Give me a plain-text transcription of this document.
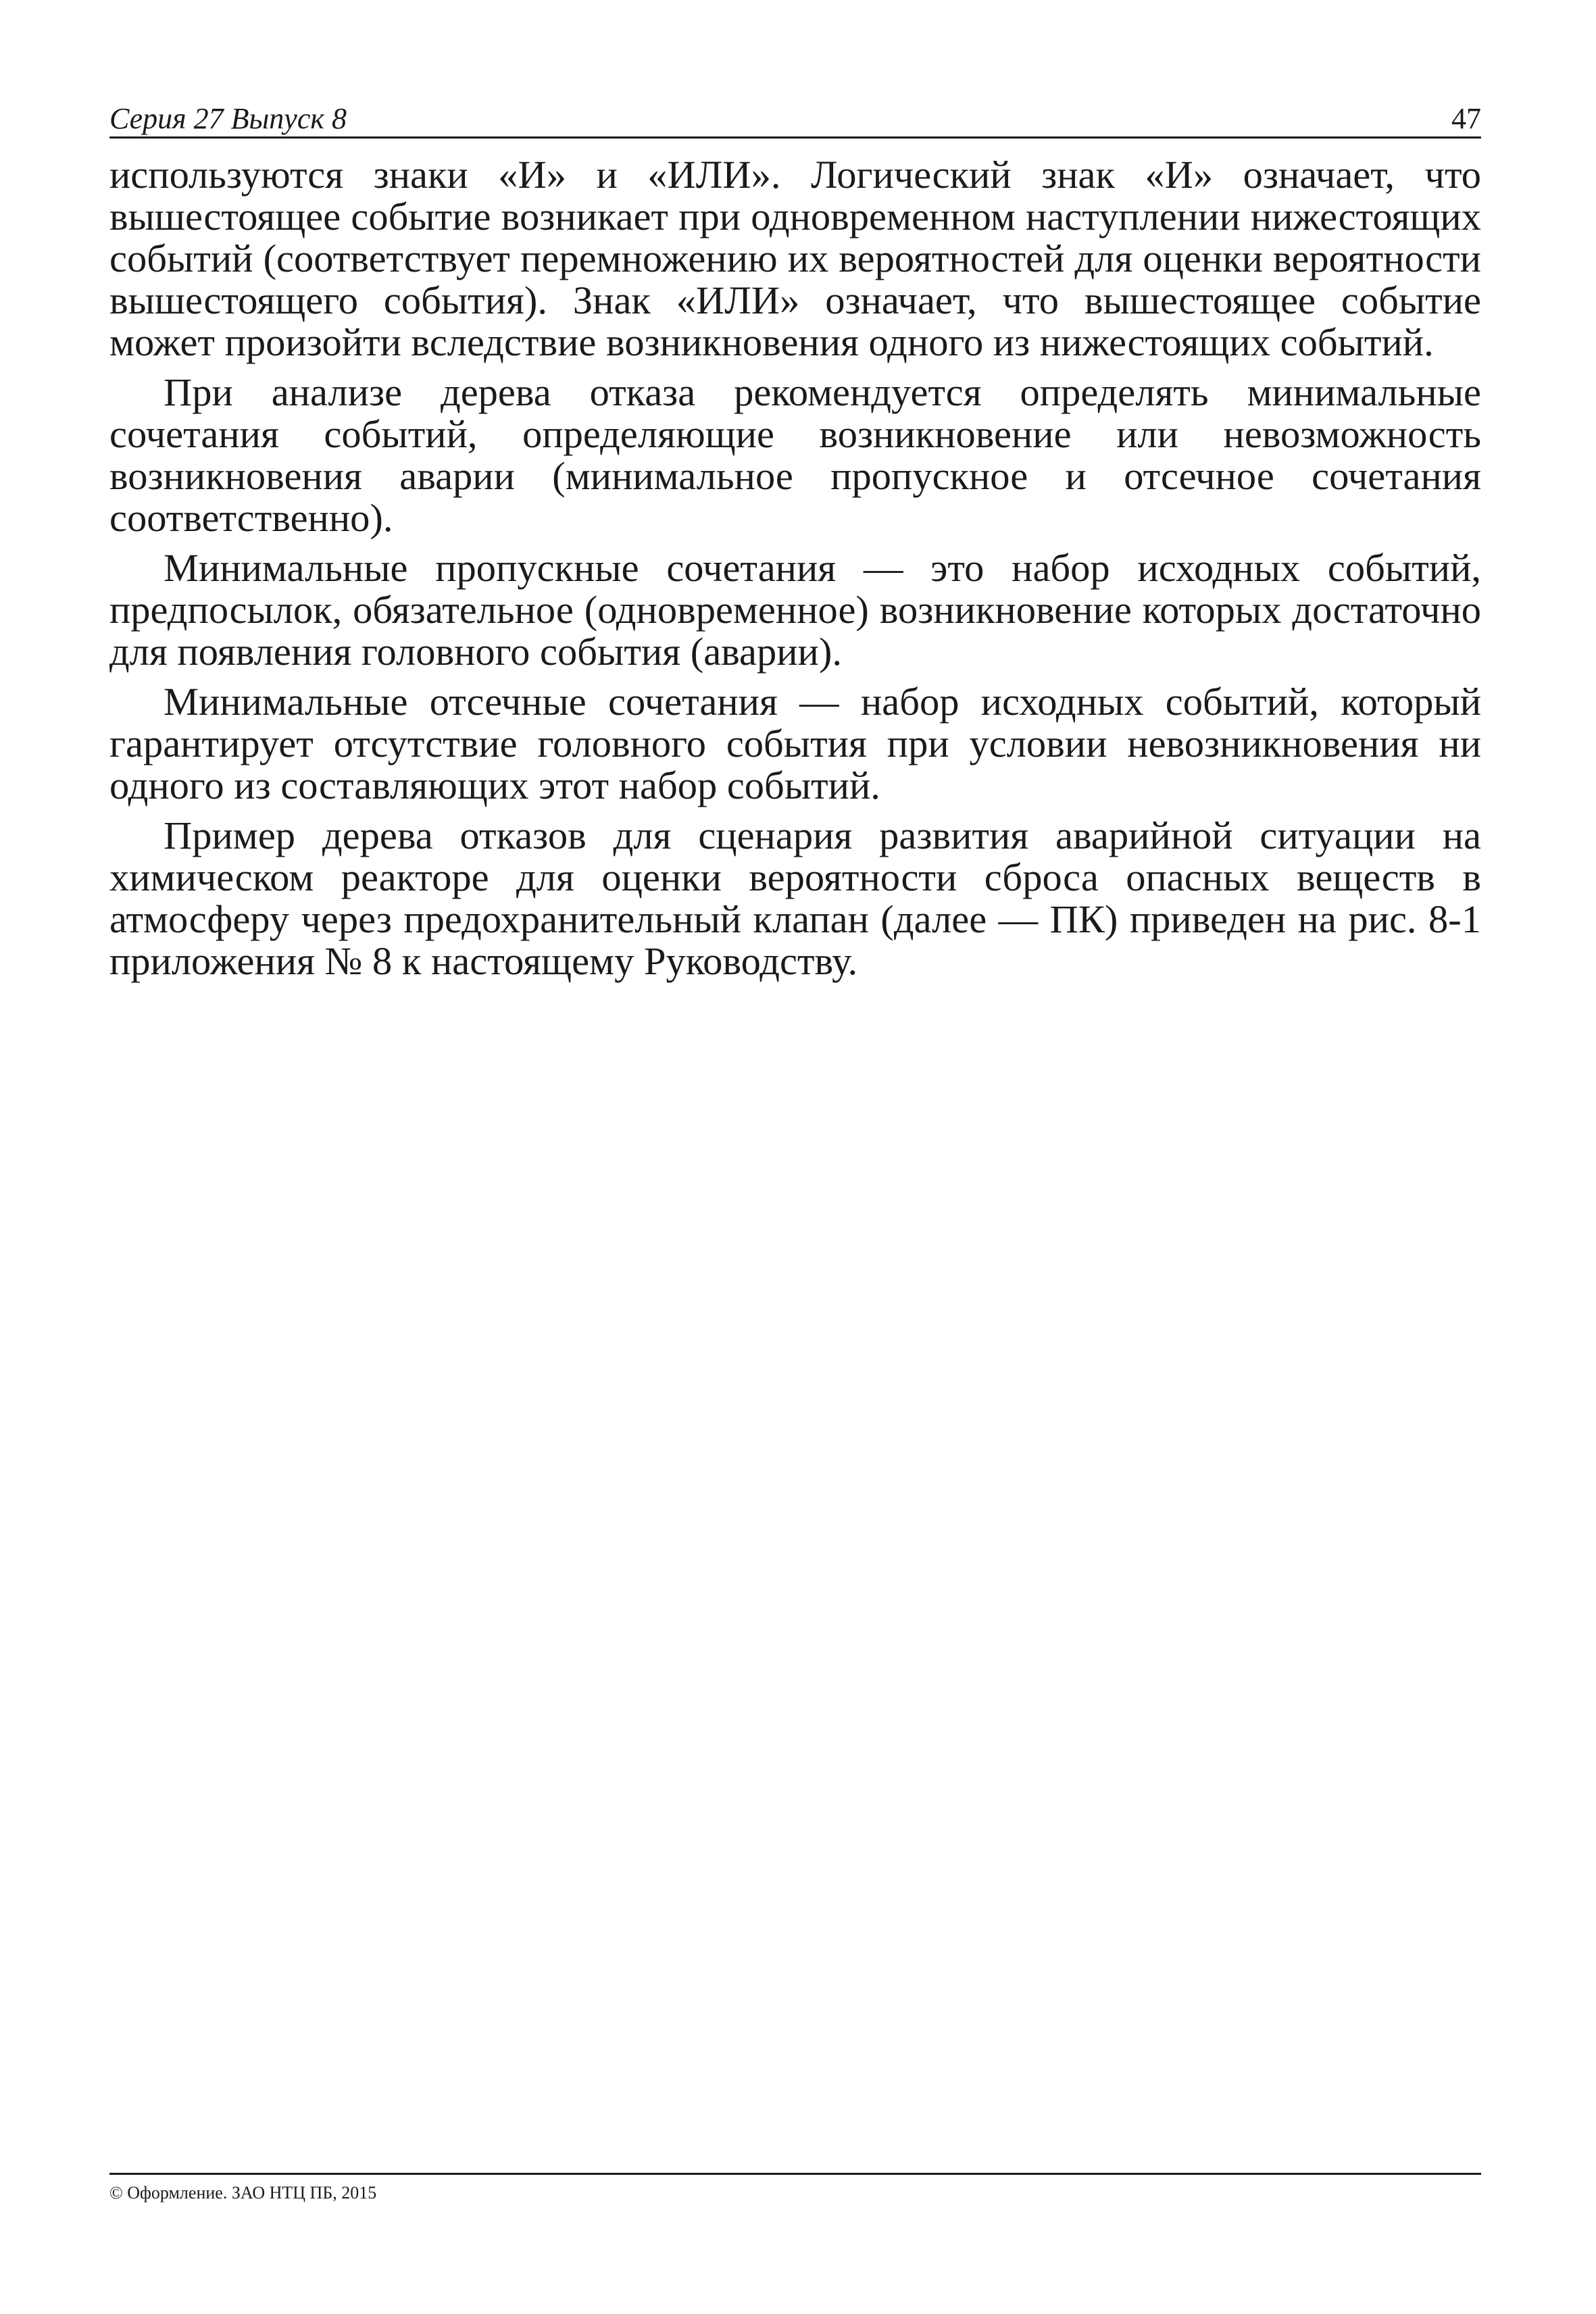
Серия 27 Выпуск 8	47

используются знаки «И» и «ИЛИ». Логический знак «И» означает, что вышестоящее событие возникает при одновременном наступлении нижестоящих событий (соответствует перемножению их вероятностей для оценки вероятности вышестоящего события). Знак «ИЛИ» означает, что вышестоящее событие может произойти вследствие возникновения одного из нижестоящих событий.

При анализе дерева отказа рекомендуется определять минимальные сочетания событий, определяющие возникновение или невозможность возникновения аварии (минимальное пропускное и отсечное сочетания соответственно).

Минимальные пропускные сочетания — это набор исходных событий, предпосылок, обязательное (одновременное) возникновение которых достаточно для появления головного события (аварии).

Минимальные отсечные сочетания — набор исходных событий, который гарантирует отсутствие головного события при условии невозникновения ни одного из составляющих этот набор событий.

Пример дерева отказов для сценария развития аварийной ситуации на химическом реакторе для оценки вероятности сброса опасных веществ в атмосферу через предохранительный клапан (далее — ПК) приведен на рис. 8-1 приложения № 8 к настоящему Руководству.

© Оформление. ЗАО НТЦ ПБ, 2015
